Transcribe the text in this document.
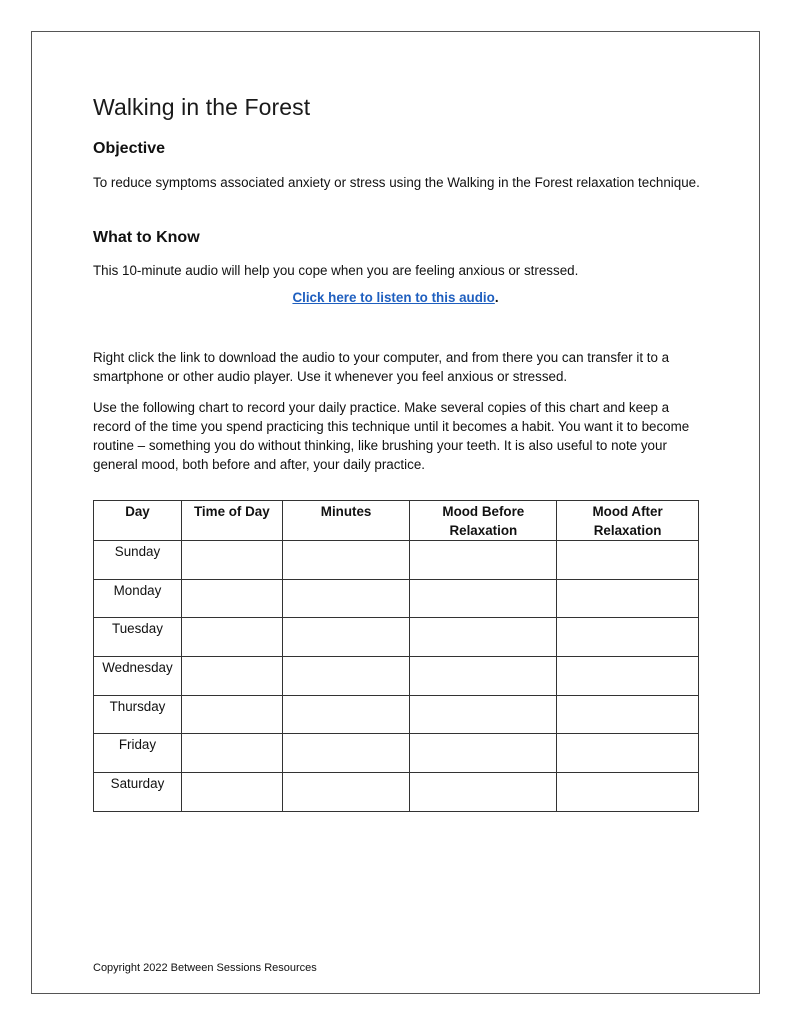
Walking in the Forest
Objective

To reduce symptoms associated anxiety or stress using the Walking in the Forest relaxation technique.

What to Know

This 10-minute audio will help you cope when you are feeling anxious or stressed.

Click here to listen to this audio.

Right click the link to download the audio to your computer, and from there you can transfer it to a smartphone or other audio player. Use it whenever you feel anxious or stressed.

Use the following chart to record your daily practice. Make several copies of this chart and keep a record of the time you spend practicing this technique until it becomes a habit. You want it to become routine – something you do without thinking, like brushing your teeth. It is also useful to note your general mood, both before and after, your daily practice.

Day	Time of Day	Minutes	Mood Before Relaxation	Mood After Relaxation
Sunday				
Monday				
Tuesday				
Wednesday				
Thursday				
Friday				
Saturday				
Copyright 2022 Between Sessions Resources
